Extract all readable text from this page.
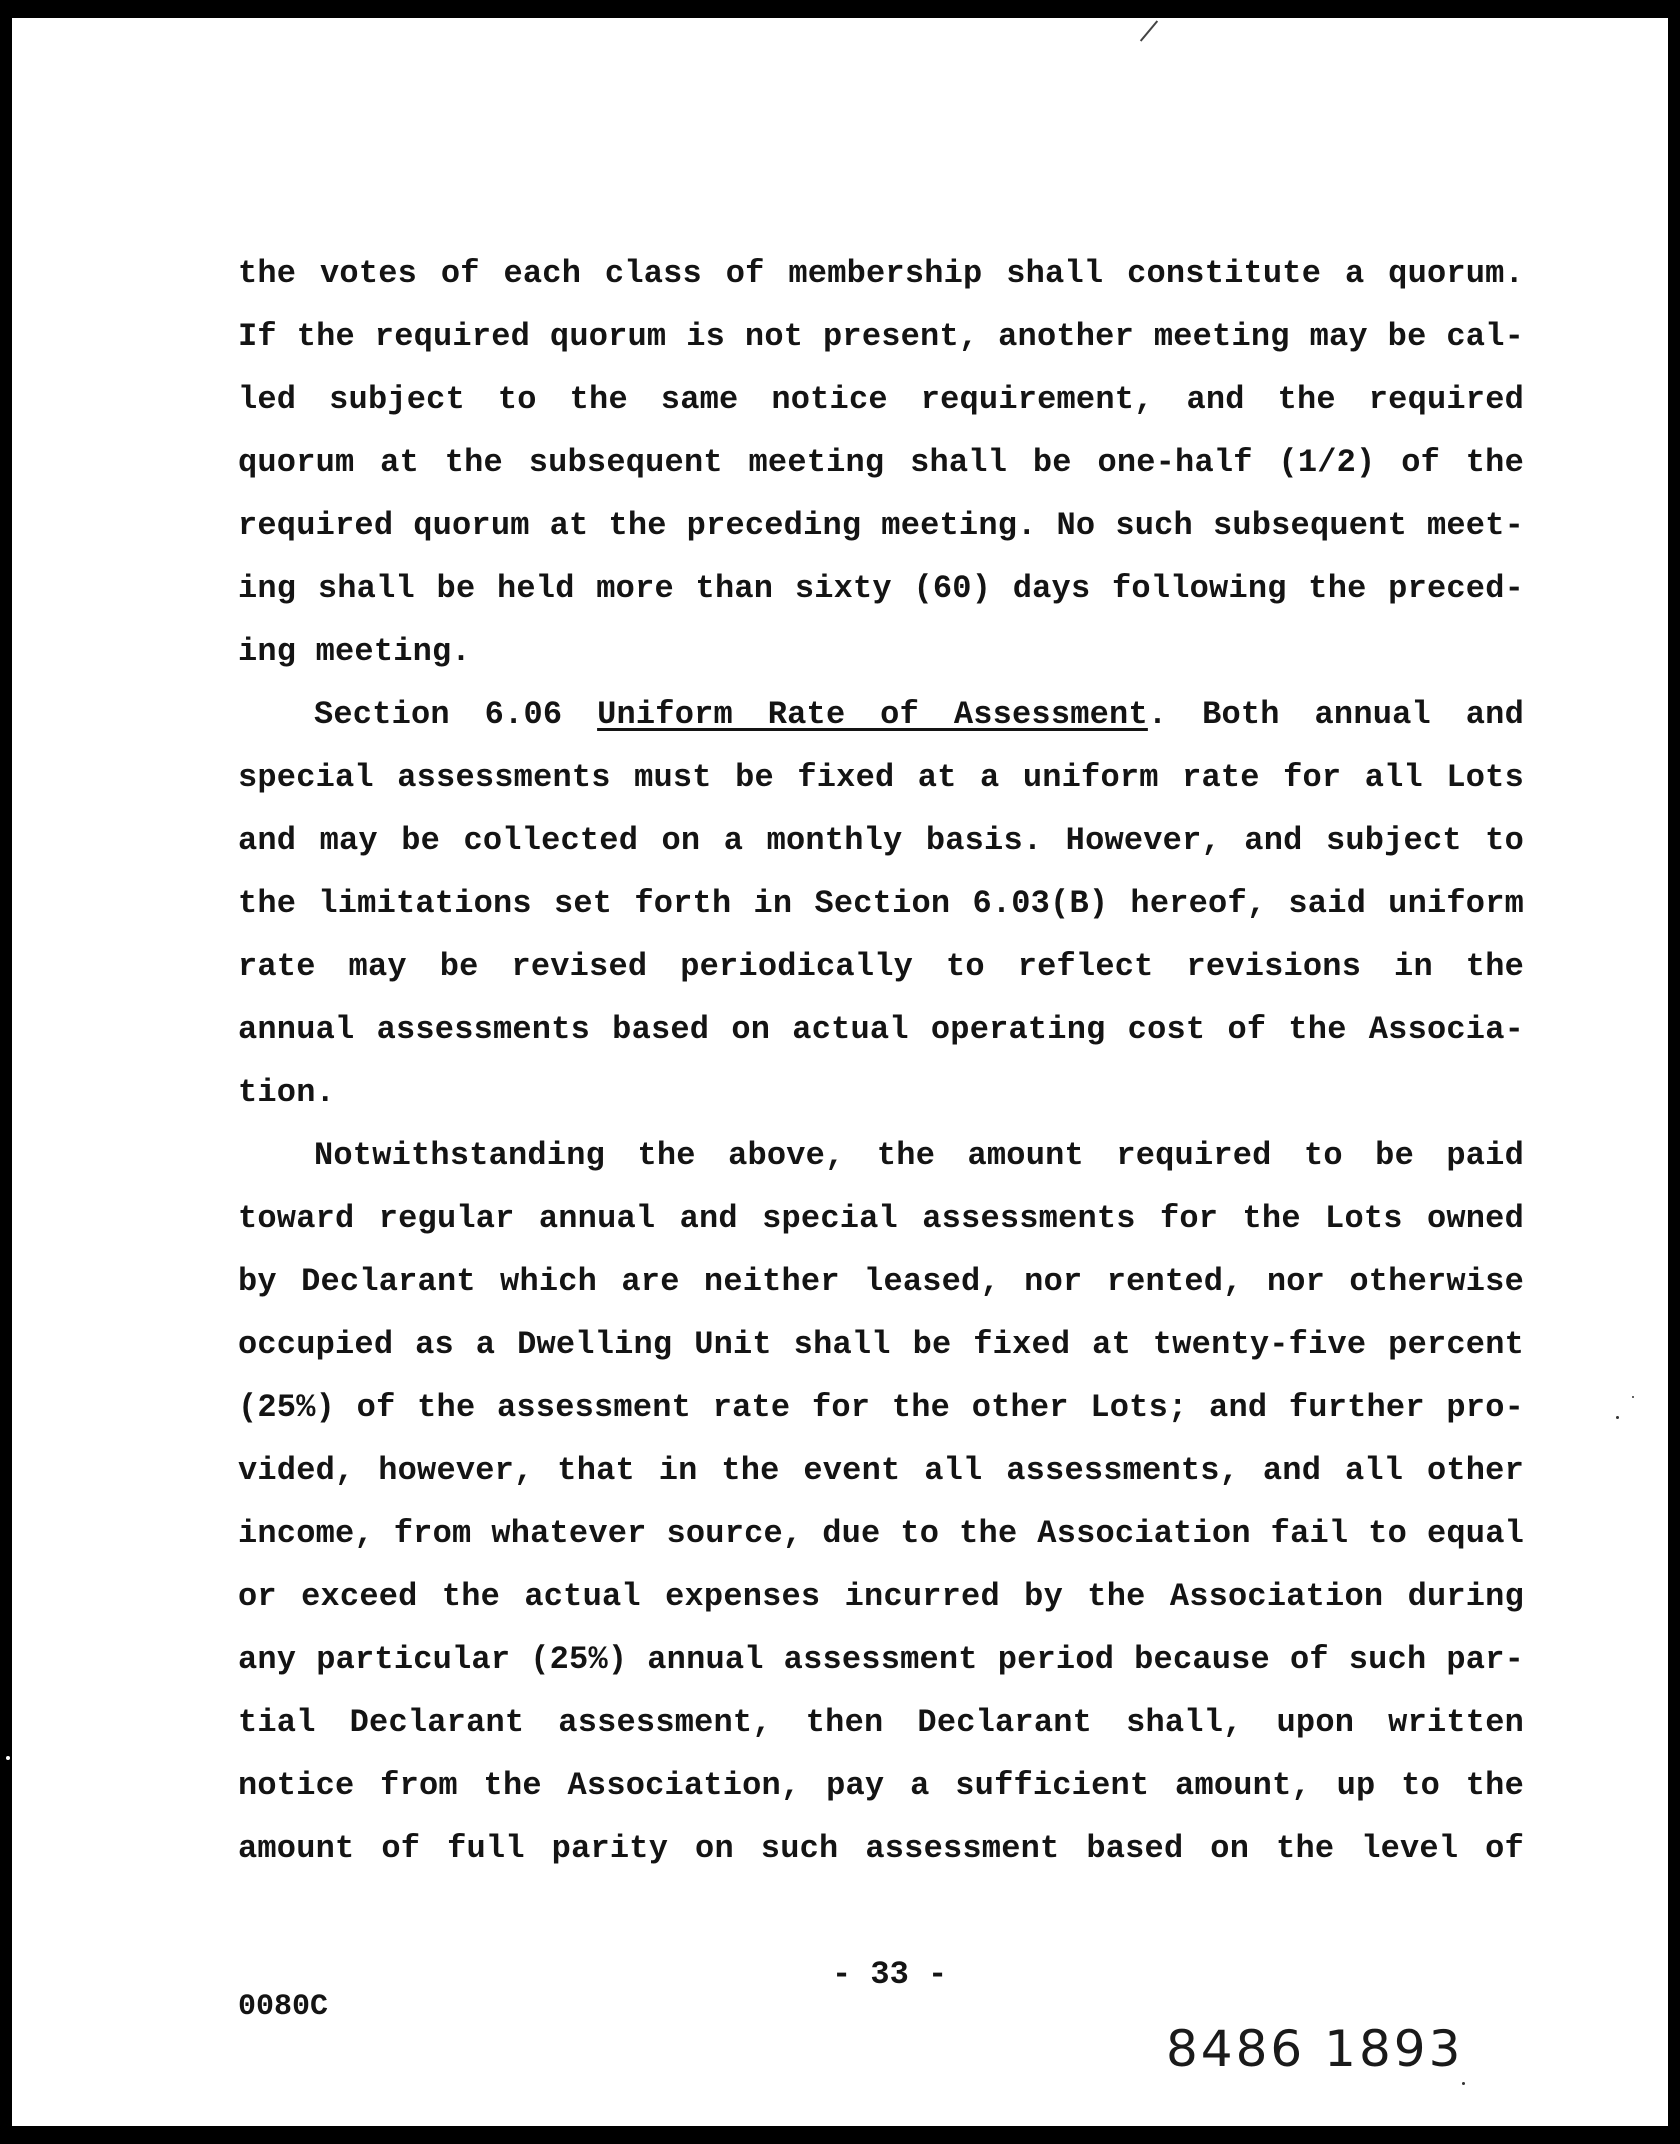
the votes of each class of membership shall constitute a quorum.
If the required quorum is not present, another meeting may be cal-
led subject to the same notice requirement, and the required
quorum at the subsequent meeting shall be one-half (1/2) of the
required quorum at the preceding meeting. No such subsequent meet-
ing shall be held more than sixty (60) days following the preced-
ing meeting.
Section 6.06 Uniform Rate of Assessment. Both annual and
special assessments must be fixed at a uniform rate for all Lots
and may be collected on a monthly basis. However, and subject to
the limitations set forth in Section 6.03(B) hereof, said uniform
rate may be revised periodically to reflect revisions in the
annual assessments based on actual operating cost of the Associa-
tion.
Notwithstanding the above, the amount required to be paid
toward regular annual and special assessments for the Lots owned
by Declarant which are neither leased, nor rented, nor otherwise
occupied as a Dwelling Unit shall be fixed at twenty-five percent
(25%) of the assessment rate for the other Lots; and further pro-
vided, however, that in the event all assessments, and all other
income, from whatever source, due to the Association fail to equal
or exceed the actual expenses incurred by the Association during
any particular (25%) annual assessment period because of such par-
tial Declarant assessment, then Declarant shall, upon written
notice from the Association, pay a sufficient amount, up to the
amount of full parity on such assessment based on the level of
- 33 -
0080C
8486 1893
